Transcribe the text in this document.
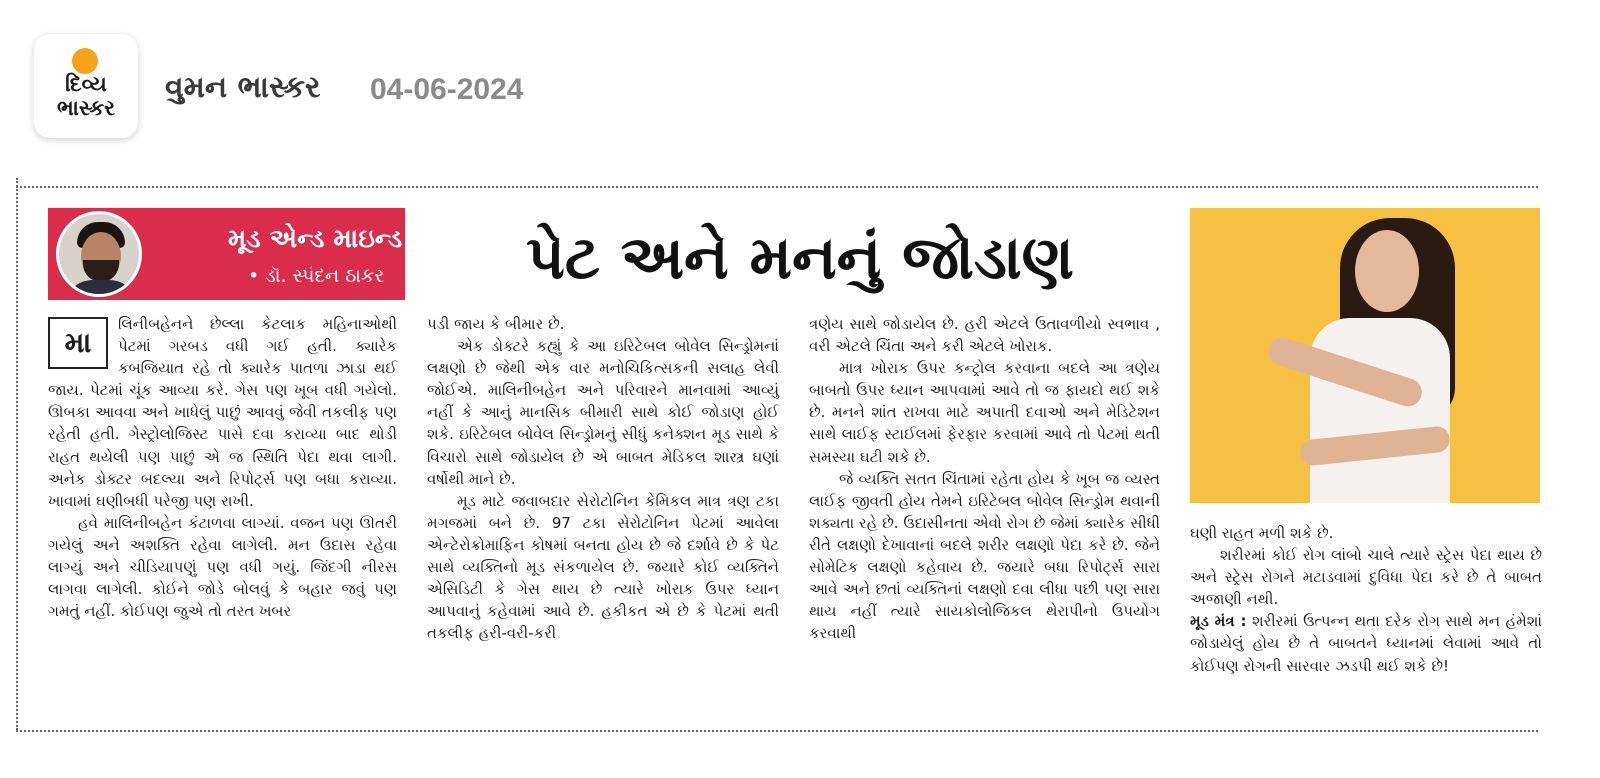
દિવ્ય
ભાસ્કર
વુમન ભાસ્કર 04-06-2024
મૂડ એન્ડ માઇન્ડ
• ડૉ. સ્પંદન ઠાકર	પેટ અને મનનું જોડાણ
મા

લિનીબહેનને છેલ્લા કેટલાક મહિનાઓથી પેટમાં ગરબડ વધી ગઈ હતી. ક્યારેક કબજિયાત રહે તો ક્યારેક પાતળા ઝાડા થઈ જાય. પેટમાં ચૂંક આવ્યા કરે. ગેસ પણ ખૂબ વધી ગયેલો. ઊબકા આવવા અને ખાધેલું પાછું આવવું જેવી તકલીફ પણ રહેતી હતી. ગેસ્ટ્રોલોજિસ્ટ પાસે દવા કરાવ્યા બાદ થોડી રાહત થયેલી પણ પાછું એ જ સ્થિતિ પેદા થવા લાગી. અનેક ડોક્ટર બદલ્યા અને રિપોર્ટ્સ પણ બધા કરાવ્યા. ખાવામાં ઘણીબધી પરેજી પણ રાખી.

હવે માલિનીબહેન કંટાળવા લાગ્યાં. વજન પણ ઊતરી ગયેલું અને અશક્તિ રહેવા લાગેલી. મન ઉદાસ રહેવા લાગ્યું અને ચીડિયાપણું પણ વધી ગયું. જિંદગી નીરસ લાગવા લાગેલી. કોઈને જોડે બોલવું કે બહાર જવું પણ ગમતું નહીં. કોઈપણ જુએ તો તરત ખબર

પડી જાય કે બીમાર છે.

એક ડોક્ટરે કહ્યું કે આ ઇરિટેબલ બોવેલ સિન્ડ્રોમનાં લક્ષણો છે જેથી એક વાર મનોચિકિત્સકની સલાહ લેવી જોઈએ. માલિનીબહેન અને પરિવારને માનવામાં આવ્યું નહીં કે આનું માનસિક બીમારી સાથે કોઈ જોડાણ હોઈ શકે. ઇરિટેબલ બોવેલ સિન્ડ્રોમનું સીધું કનેક્શન મૂડ સાથે કે વિચારો સાથે જોડાયેલ છે એ બાબત મેડિકલ શાસ્ત્ર ઘણાં વર્ષોથી માને છે.

મૂડ માટે જવાબદાર સેરોટોનિન કેમિકલ માત્ર ત્રણ ટકા મગજમાં બને છે. 97 ટકા સેરોટોનિન પેટમાં આવેલા એન્ટેરોક્રોમાફિન કોષમાં બનતા હોય છે જે દર્શાવે છે કે પેટ સાથે વ્યક્તિનો મૂડ સંકળાયેલ છે. જયારે કોઈ વ્યક્તિને એસિડિટી કે ગેસ થાય છે ત્યારે ખોરાક ઉપર ધ્યાન આપવાનું કહેવામાં આવે છે. હકીકત એ છે કે પેટમાં થતી તકલીફ હરી-વરી-કરી

ત્રણેય સાથે જોડાયેલ છે. હરી એટલે ઉતાવળીયો સ્વભાવ , વરી એટલે ચિંતા અને કરી એટલે ખોરાક.

માત્ર ખોરાક ઉપર કન્ટ્રોલ કરવાના બદલે આ ત્રણેય બાબતો ઉપર ધ્યાન આપવામાં આવે તો જ ફાયદો થઈ શકે છે. મનને શાંત રાખવા માટે અપાતી દવાઓ અને મેડિટેશન સાથે લાઈફ સ્ટાઈલમાં ફેરફાર કરવામાં આવે તો પેટમાં થતી સમસ્યા ઘટી શકે છે.

જે વ્યક્તિ સતત ચિંતામાં રહેતા હોય કે ખૂબ જ વ્યસ્ત લાઈફ જીવતી હોય તેમને ઇરિટેબલ બોવેલ સિન્ડ્રોમ થવાની શક્યતા રહે છે. ઉદાસીનતા એવો રોગ છે જેમાં ક્યારેક સીધી રીતે લક્ષણો દેખાવાનાં બદલે શરીર લક્ષણો પેદા કરે છે. જેને સોમેટિક લક્ષણો કહેવાય છે. જયારે બધા રિપોર્ટ્સ સારા આવે અને છતાં વ્યક્તિનાં લક્ષણો દવા લીધા પછી પણ સારા થાય નહીં ત્યારે સાયકોલોજિકલ થેરાપીનો ઉપયોગ કરવાથી

ઘણી રાહત મળી શકે છે.

શરીરમાં કોઈ રોગ લાંબો ચાલે ત્યારે સ્ટ્રેસ પેદા થાય છે અને સ્ટ્રેસ રોગને મટાડવામાં દુવિધા પેદા કરે છે તે બાબત અજાણી નથી.

મૂડ મંત્ર : શરીરમાં ઉત્પન્ન થતા દરેક રોગ સાથે મન હંમેશાં જોડાયેલું હોય છે તે બાબતને ધ્યાનમાં લેવામાં આવે તો કોઈપણ રોગની સારવાર ઝડપી થઈ શકે છે!
